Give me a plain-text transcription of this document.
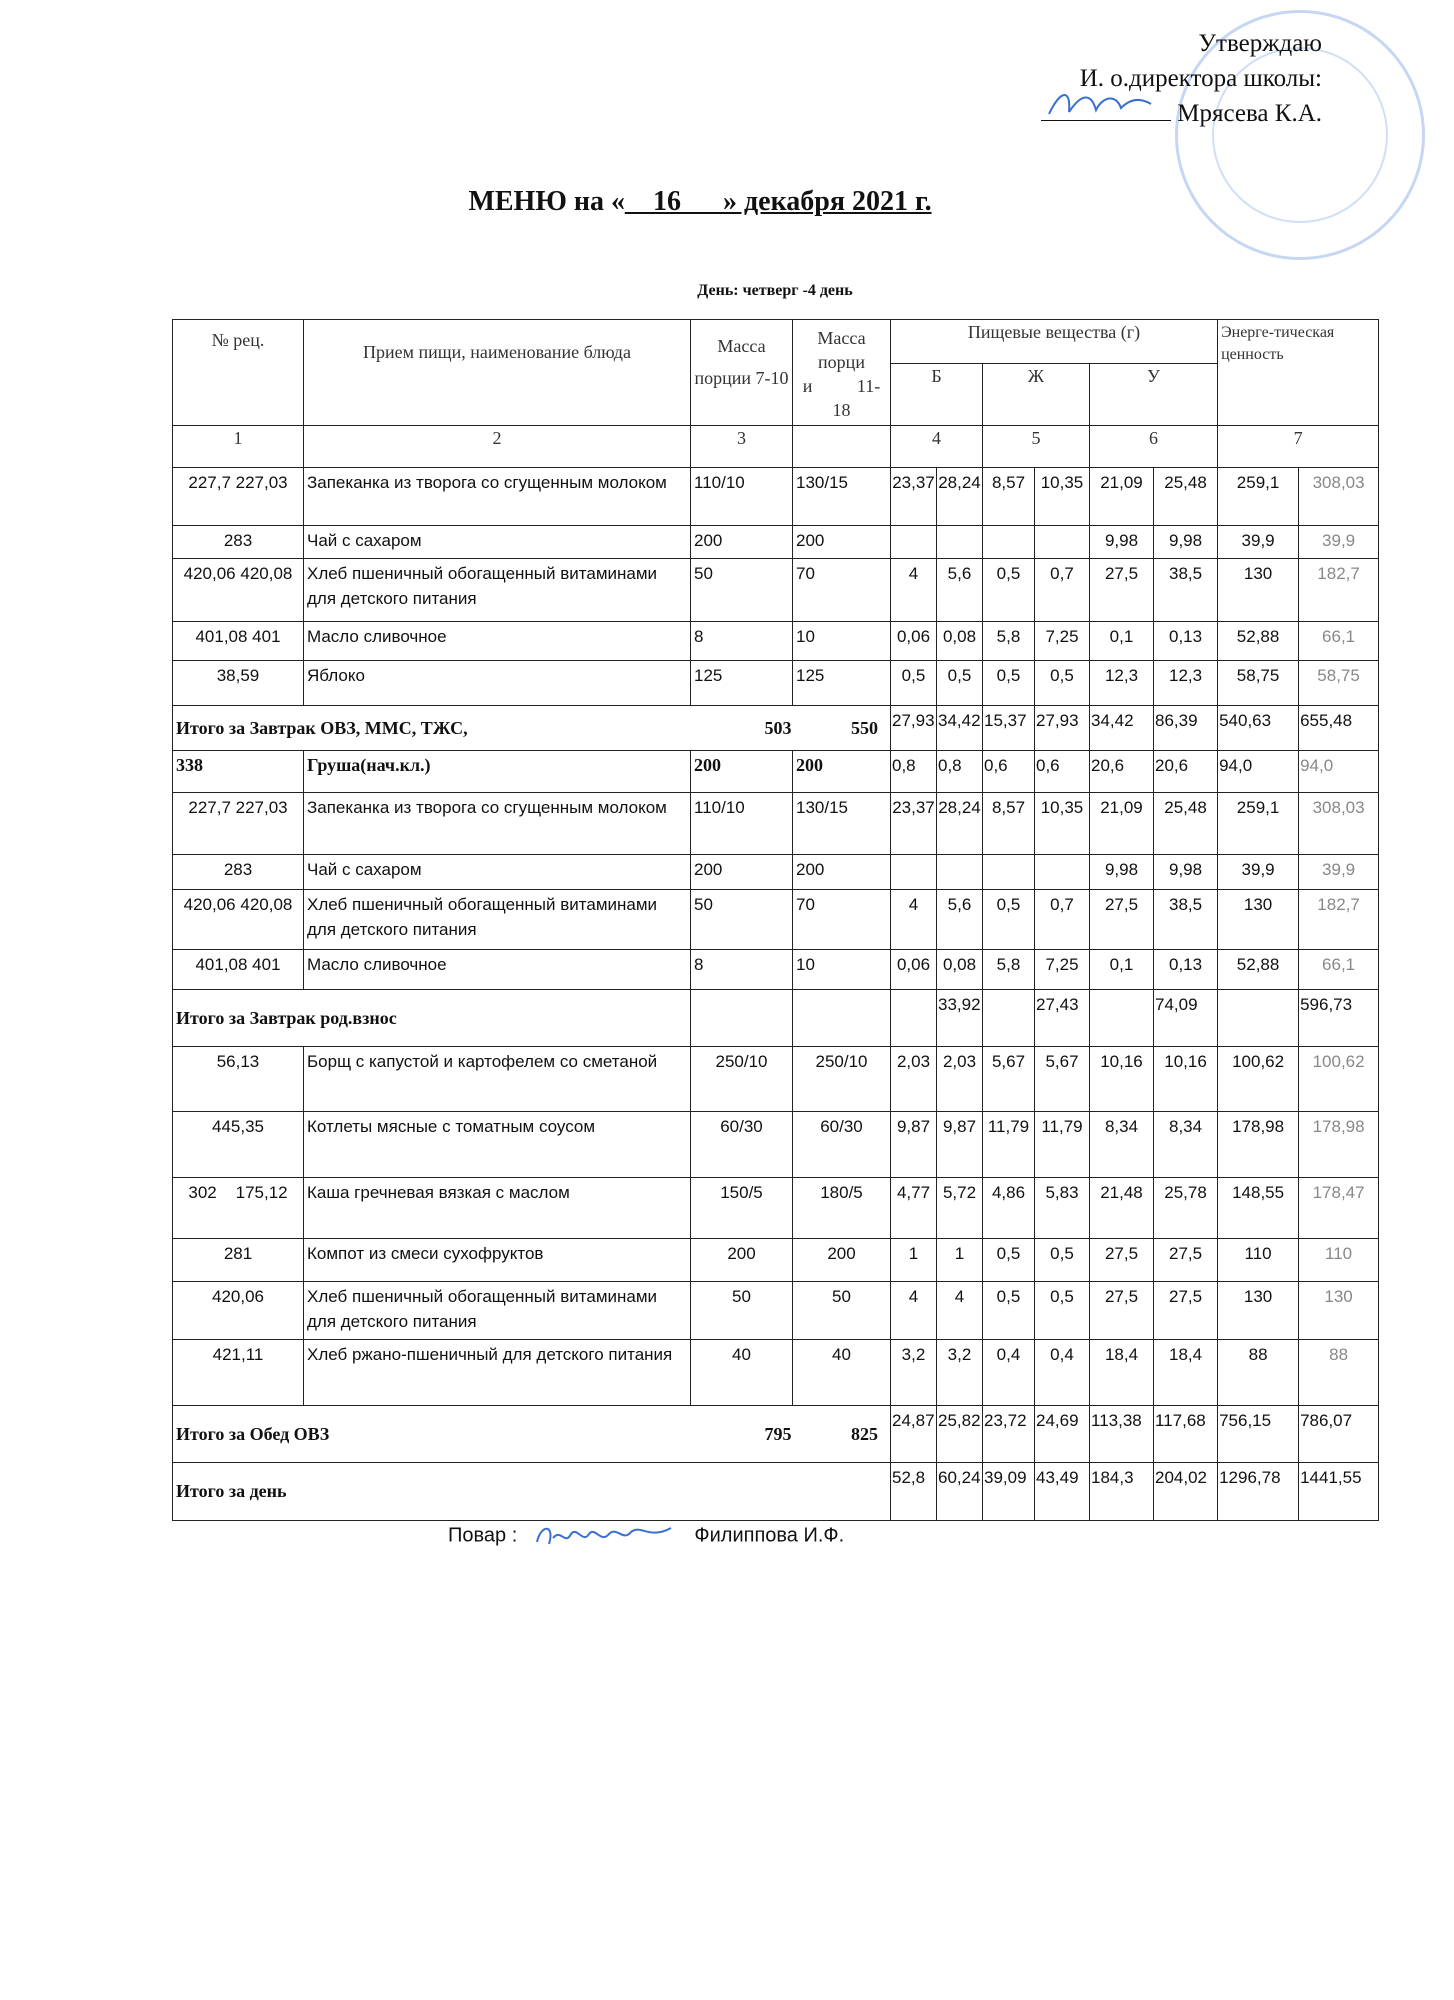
Утверждаю
И. о.директора школы:
Мрясева К.А.
МЕНЮ на «__16___» декабря 2021 г.
День: четверг -4 день
№ рец.	Прием пищи, наименование блюда	Масса порции 7-10	Масса порци и 11-18	Пищевые вещества (г)						Энерге-тическая ценность	
				Б		Ж		У			
1	2	3		4		5		6		7	
227,7 227,03	Запеканка из творога со сгущенным молоком	110/10	130/15	23,37	28,24	8,57	10,35	21,09	25,48	259,1	308,03
283	Чай с сахаром	200	200					9,98	9,98	39,9	39,9
420,06 420,08	Хлеб пшеничный обогащенный витаминами для детского питания	50	70	4	5,6	0,5	0,7	27,5	38,5	130	182,7
401,08 401	Масло сливочное	8	10	0,06	0,08	5,8	7,25	0,1	0,13	52,88	66,1
38,59	Яблоко	125	125	0,5	0,5	0,5	0,5	12,3	12,3	58,75	58,75
Итого за Завтрак ОВЗ, ММС, ТЖС,		503	550	27,93	34,42	15,37	27,93	34,42	86,39	540,63	655,48
338	Груша(нач.кл.)	200	200	0,8	0,8	0,6	0,6	20,6	20,6	94,0	94,0
227,7 227,03	Запеканка из творога со сгущенным молоком	110/10	130/15	23,37	28,24	8,57	10,35	21,09	25,48	259,1	308,03
283	Чай с сахаром	200	200					9,98	9,98	39,9	39,9
420,06 420,08	Хлеб пшеничный обогащенный витаминами для детского питания	50	70	4	5,6	0,5	0,7	27,5	38,5	130	182,7
401,08 401	Масло сливочное	8	10	0,06	0,08	5,8	7,25	0,1	0,13	52,88	66,1
Итого за Завтрак род.взнос					33,92		27,43		74,09		596,73
56,13	Борщ с капустой и картофелем со сметаной	250/10	250/10	2,03	2,03	5,67	5,67	10,16	10,16	100,62	100,62
445,35	Котлеты мясные с томатным соусом	60/30	60/30	9,87	9,87	11,79	11,79	8,34	8,34	178,98	178,98
302    175,12	Каша гречневая вязкая с маслом	150/5	180/5	4,77	5,72	4,86	5,83	21,48	25,78	148,55	178,47
281	Компот из смеси сухофруктов	200	200	1	1	0,5	0,5	27,5	27,5	110	110
420,06	Хлеб пшеничный обогащенный витаминами для детского питания	50	50	4	4	0,5	0,5	27,5	27,5	130	130
421,11	Хлеб ржано-пшеничный для детского питания	40	40	3,2	3,2	0,4	0,4	18,4	18,4	88	88
Итого за Обед ОВЗ		795	825	24,87	25,82	23,72	24,69	113,38	117,68	756,15	786,07
Итого за день				52,8	60,24	39,09	43,49	184,3	204,02	1296,78	1441,55
Повар :	Филиппова И.Ф.
